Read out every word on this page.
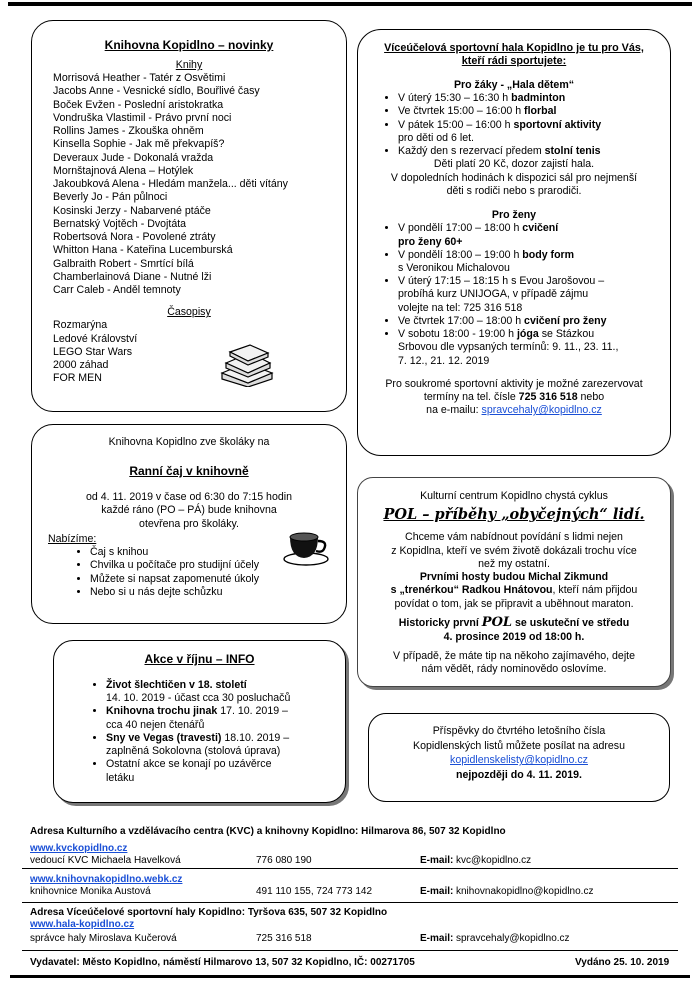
Knihovna Kopidlno – novinky
Knihy
Morrisová Heather - Tatér z Osvětimi
Jacobs Anne - Vesnické sídlo, Bouřlivé časy
Boček Evžen - Poslední aristokratka
Vondruška Vlastimil - Právo první noci
Rollins James - Zkouška ohněm
Kinsella Sophie - Jak mě překvapíš?
Deveraux Jude - Dokonalá vražda
Mornštajnová Alena – Hotýlek
Jakoubková Alena - Hledám manžela... děti vítány
Beverly Jo - Pán půlnoci
Kosinski Jerzy - Nabarvené ptáče
Bernatský Vojtěch - Dvojtáta
Robertsová Nora - Povolené ztráty
Whitton Hana - Kateřina Lucemburská
Galbraith Robert - Smrtící bílá
Chamberlainová Diane - Nutné lži
Carr Caleb - Anděl temnoty
Časopisy
Rozmarýna
Ledové Království
LEGO Star Wars
2000 záhad
FOR MEN
Víceúčelová sportovní hala Kopidlno je tu pro Vás,
kteří rádi sportujete:
Pro žáky - „Hala dětem“
• V úterý 15:30 – 16:30 h badminton
• Ve čtvrtek 15:00 – 16:00 h florbal
• V pátek 15:00 – 16:00 h sportovní aktivity
pro děti od 6 let.
• Každý den s rezervací předem stolní tenis
Děti platí 20 Kč, dozor zajistí hala.
V dopoledních hodinách k dispozici sál pro nejmenší
děti s rodiči nebo s prarodiči.
Pro ženy
• V pondělí 17:00 – 18:00 h cvičení
pro ženy 60+
• V pondělí 18:00 – 19:00 h body form
s Veronikou Michalovou
• V úterý 17:15 – 18:15 h s Evou Jarošovou –
probíhá kurz UNIJOGA, v případě zájmu
volejte na tel: 725 316 518
• Ve čtvrtek 17:00 – 18:00 h cvičení pro ženy
• V sobotu 18:00 - 19:00 h jóga se Stázkou
Srbovou dle vypsaných termínů: 9. 11., 23. 11.,
7. 12., 21. 12. 2019
Pro soukromé sportovní aktivity je možné zarezervovat
termíny na tel. čísle 725 316 518 nebo
na e-mailu: spravcehaly@kopidlno.cz
Knihovna Kopidlno zve školáky na
Ranní čaj v knihovně
od 4. 11. 2019 v čase od 6:30 do 7:15 hodin
každé ráno (PO – PÁ) bude knihovna
otevřena pro školáky.
Nabízíme:
• Čaj s knihou
• Chvilka u počítače pro studijní účely
• Můžete si napsat zapomenuté úkoly
• Nebo si u nás dejte schůzku
Akce v říjnu – INFO
• Život šlechtičen v 18. století
14. 10. 2019 - účast cca 30 posluchačů
• Knihovna trochu jinak 17. 10. 2019 –
cca 40 nejen čtenářů
• Sny ve Vegas (travesti) 18.10. 2019 –
zaplněná Sokolovna (stolová úprava)
• Ostatní akce se konají po uzávěrce
letáku
Kulturní centrum Kopidlno chystá cyklus
POL – příběhy „obyčejných“ lidí.
Chceme vám nabídnout povídání s lidmi nejen
z Kopidlna, kteří ve svém životě dokázali trochu více
než my ostatní.
Prvními hosty budou Michal Zikmund
s „trenérkou“ Radkou Hnátovou, kteří nám přijdou
povídat o tom, jak se připravit a uběhnout maraton.
Historicky první POL se uskuteční ve středu
4. prosince 2019 od 18:00 h.
V případě, že máte tip na někoho zajímavého, dejte
nám vědět, rády nominovědo oslovíme.
Příspěvky do čtvrtého letošního čísla
Kopidlenských listů můžete posílat na adresu
kopidlenskelisty@kopidlno.cz
nejpozději do 4. 11. 2019.
Adresa Kulturního a vzdělávacího centra (KVC) a knihovny Kopidlno: Hilmarova 86, 507 32 Kopidlno
www.kvckopidlno.cz
vedoucí KVC Michaela Havelková	776 080 190	E-mail: kvc@kopidlno.cz
www.knihovnakopidlno.webk.cz
knihovnice Monika Austová	491 110 155, 724 773 142	E-mail: knihovnakopidlno@kopidlno.cz
Adresa Víceúčelové sportovní haly Kopidlno: Tyršova 635, 507 32 Kopidlno
www.hala-kopidlno.cz
správce haly Miroslava Kučerová	725 316 518	E-mail: spravcehaly@kopidlno.cz
Vydavatel: Město Kopidlno, náměstí Hilmarovo 13, 507 32 Kopidlno, IČ: 00271705	Vydáno 25. 10. 2019
